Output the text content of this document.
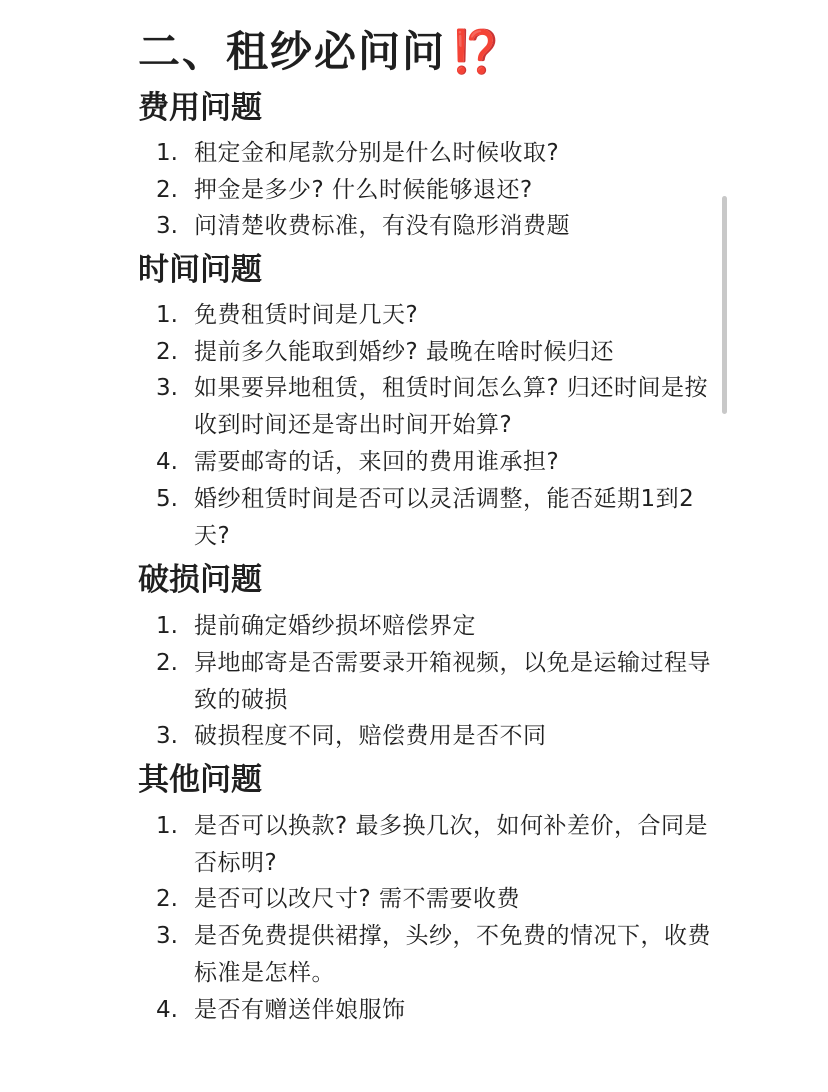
二、租纱必问问⁉️
费用问题
1. 租定金和尾款分别是什么时候收取?
2. 押金是多少? 什么时候能够退还?
3. 问清楚收费标准，有没有隐形消费题
时间问题
1. 免费租赁时间是几天?
2. 提前多久能取到婚纱? 最晚在啥时候归还
3. 如果要异地租赁，租赁时间怎么算? 归还时间是按收到时间还是寄出时间开始算?
4. 需要邮寄的话，来回的费用谁承担?
5. 婚纱租赁时间是否可以灵活调整，能否延期1到2天?
破损问题
1. 提前确定婚纱损坏赔偿界定
2. 异地邮寄是否需要录开箱视频，以免是运输过程导致的破损
3. 破损程度不同，赔偿费用是否不同
其他问题
1. 是否可以换款? 最多换几次，如何补差价，合同是否标明?
2. 是否可以改尺寸? 需不需要收费
3. 是否免费提供裙撑，头纱，不免费的情况下，收费标准是怎样。
4. 是否有赠送伴娘服饰
